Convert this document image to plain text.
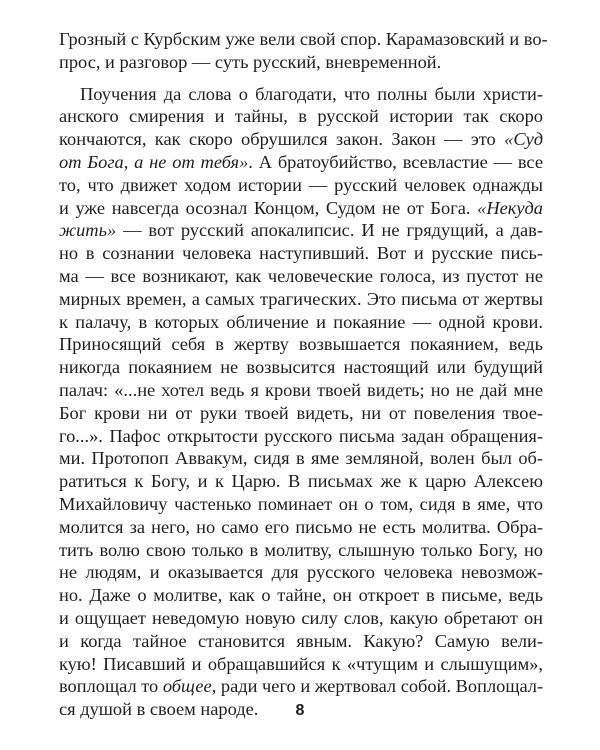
Грозный с Курбским уже вели свой спор. Карамазовский и во-
прос, и разговор — суть русский, вневременной.
Поучения да слова о благодати, что полны были христи-
анского смирения и тайны, в русской истории так скоро
кончаются, как скоро обрушился закон. Закон — это «Суд
от Бога, а не от тебя». А братоубийство, всевластие — все
то, что движет ходом истории — русский человек однажды
и уже навсегда осознал Концом, Судом не от Бога. «Некуда
жить» — вот русский апокалипсис. И не грядущий, а дав-
но в сознании человека наступивший. Вот и русские пись-
ма — все возникают, как человеческие голоса, из пустот не
мирных времен, а самых трагических. Это письма от жертвы
к палачу, в которых обличение и покаяние — одной крови.
Приносящий себя в жертву возвышается покаянием, ведь
никогда покаянием не возвысится настоящий или будущий
палач: «...не хотел ведь я крови твоей видеть; но не дай мне
Бог крови ни от руки твоей видеть, ни от повеления твое-
го...». Пафос открытости русского письма задан обращения-
ми. Протопоп Аввакум, сидя в яме земляной, волен был об-
ратиться к Богу, и к Царю. В письмах же к царю Алексею
Михайловичу частенько поминает он о том, сидя в яме, что
молится за него, но само его письмо не есть молитва. Обра-
тить волю свою только в молитву, слышную только Богу, но
не людям, и оказывается для русского человека невозмож-
но. Даже о молитве, как о тайне, он откроет в письме, ведь
и ощущает неведомую новую силу слов, какую обретают он
и когда тайное становится явным. Какую? Самую вели-
кую! Писавший и обращавшийся к «чтущим и слышущим»,
воплощал то общее, ради чего и жертвовал собой. Воплощал-
ся душой в своем народе.	8
